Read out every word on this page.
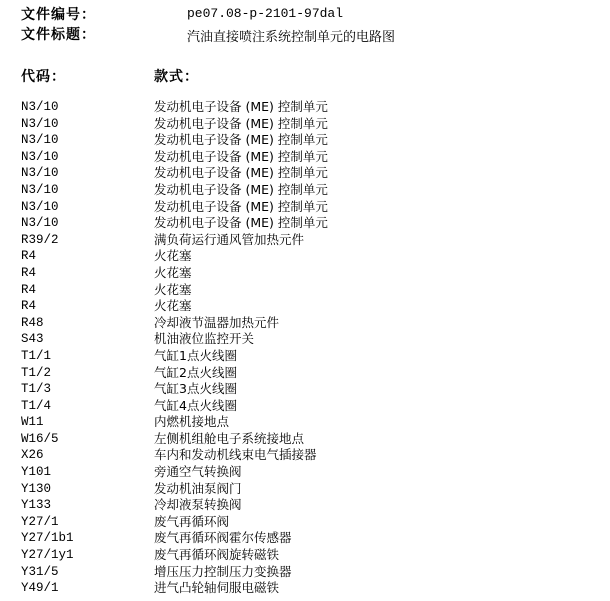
文件编号：	pe07.08-p-2101-97dal
文件标题：	汽油直接喷注系统控制单元的电路图
代码：	款式：
N3/10	发动机电子设备 (ME) 控制单元
N3/10	发动机电子设备 (ME) 控制单元
N3/10	发动机电子设备 (ME) 控制单元
N3/10	发动机电子设备 (ME) 控制单元
N3/10	发动机电子设备 (ME) 控制单元
N3/10	发动机电子设备 (ME) 控制单元
N3/10	发动机电子设备 (ME) 控制单元
N3/10	发动机电子设备 (ME) 控制单元
R39/2	满负荷运行通风管加热元件
R4	火花塞
R4	火花塞
R4	火花塞
R4	火花塞
R48	冷却液节温器加热元件
S43	机油液位监控开关
T1/1	气缸1点火线圈
T1/2	气缸2点火线圈
T1/3	气缸3点火线圈
T1/4	气缸4点火线圈
W11	内燃机接地点
W16/5	左侧机组舱电子系统接地点
X26	车内和发动机线束电气插接器
Y101	旁通空气转换阀
Y130	发动机油泵阀门
Y133	冷却液泵转换阀
Y27/1	废气再循环阀
Y27/1b1	废气再循环阀霍尔传感器
Y27/1y1	废气再循环阀旋转磁铁
Y31/5	增压压力控制压力变换器
Y49/1	进气凸轮轴伺服电磁铁
